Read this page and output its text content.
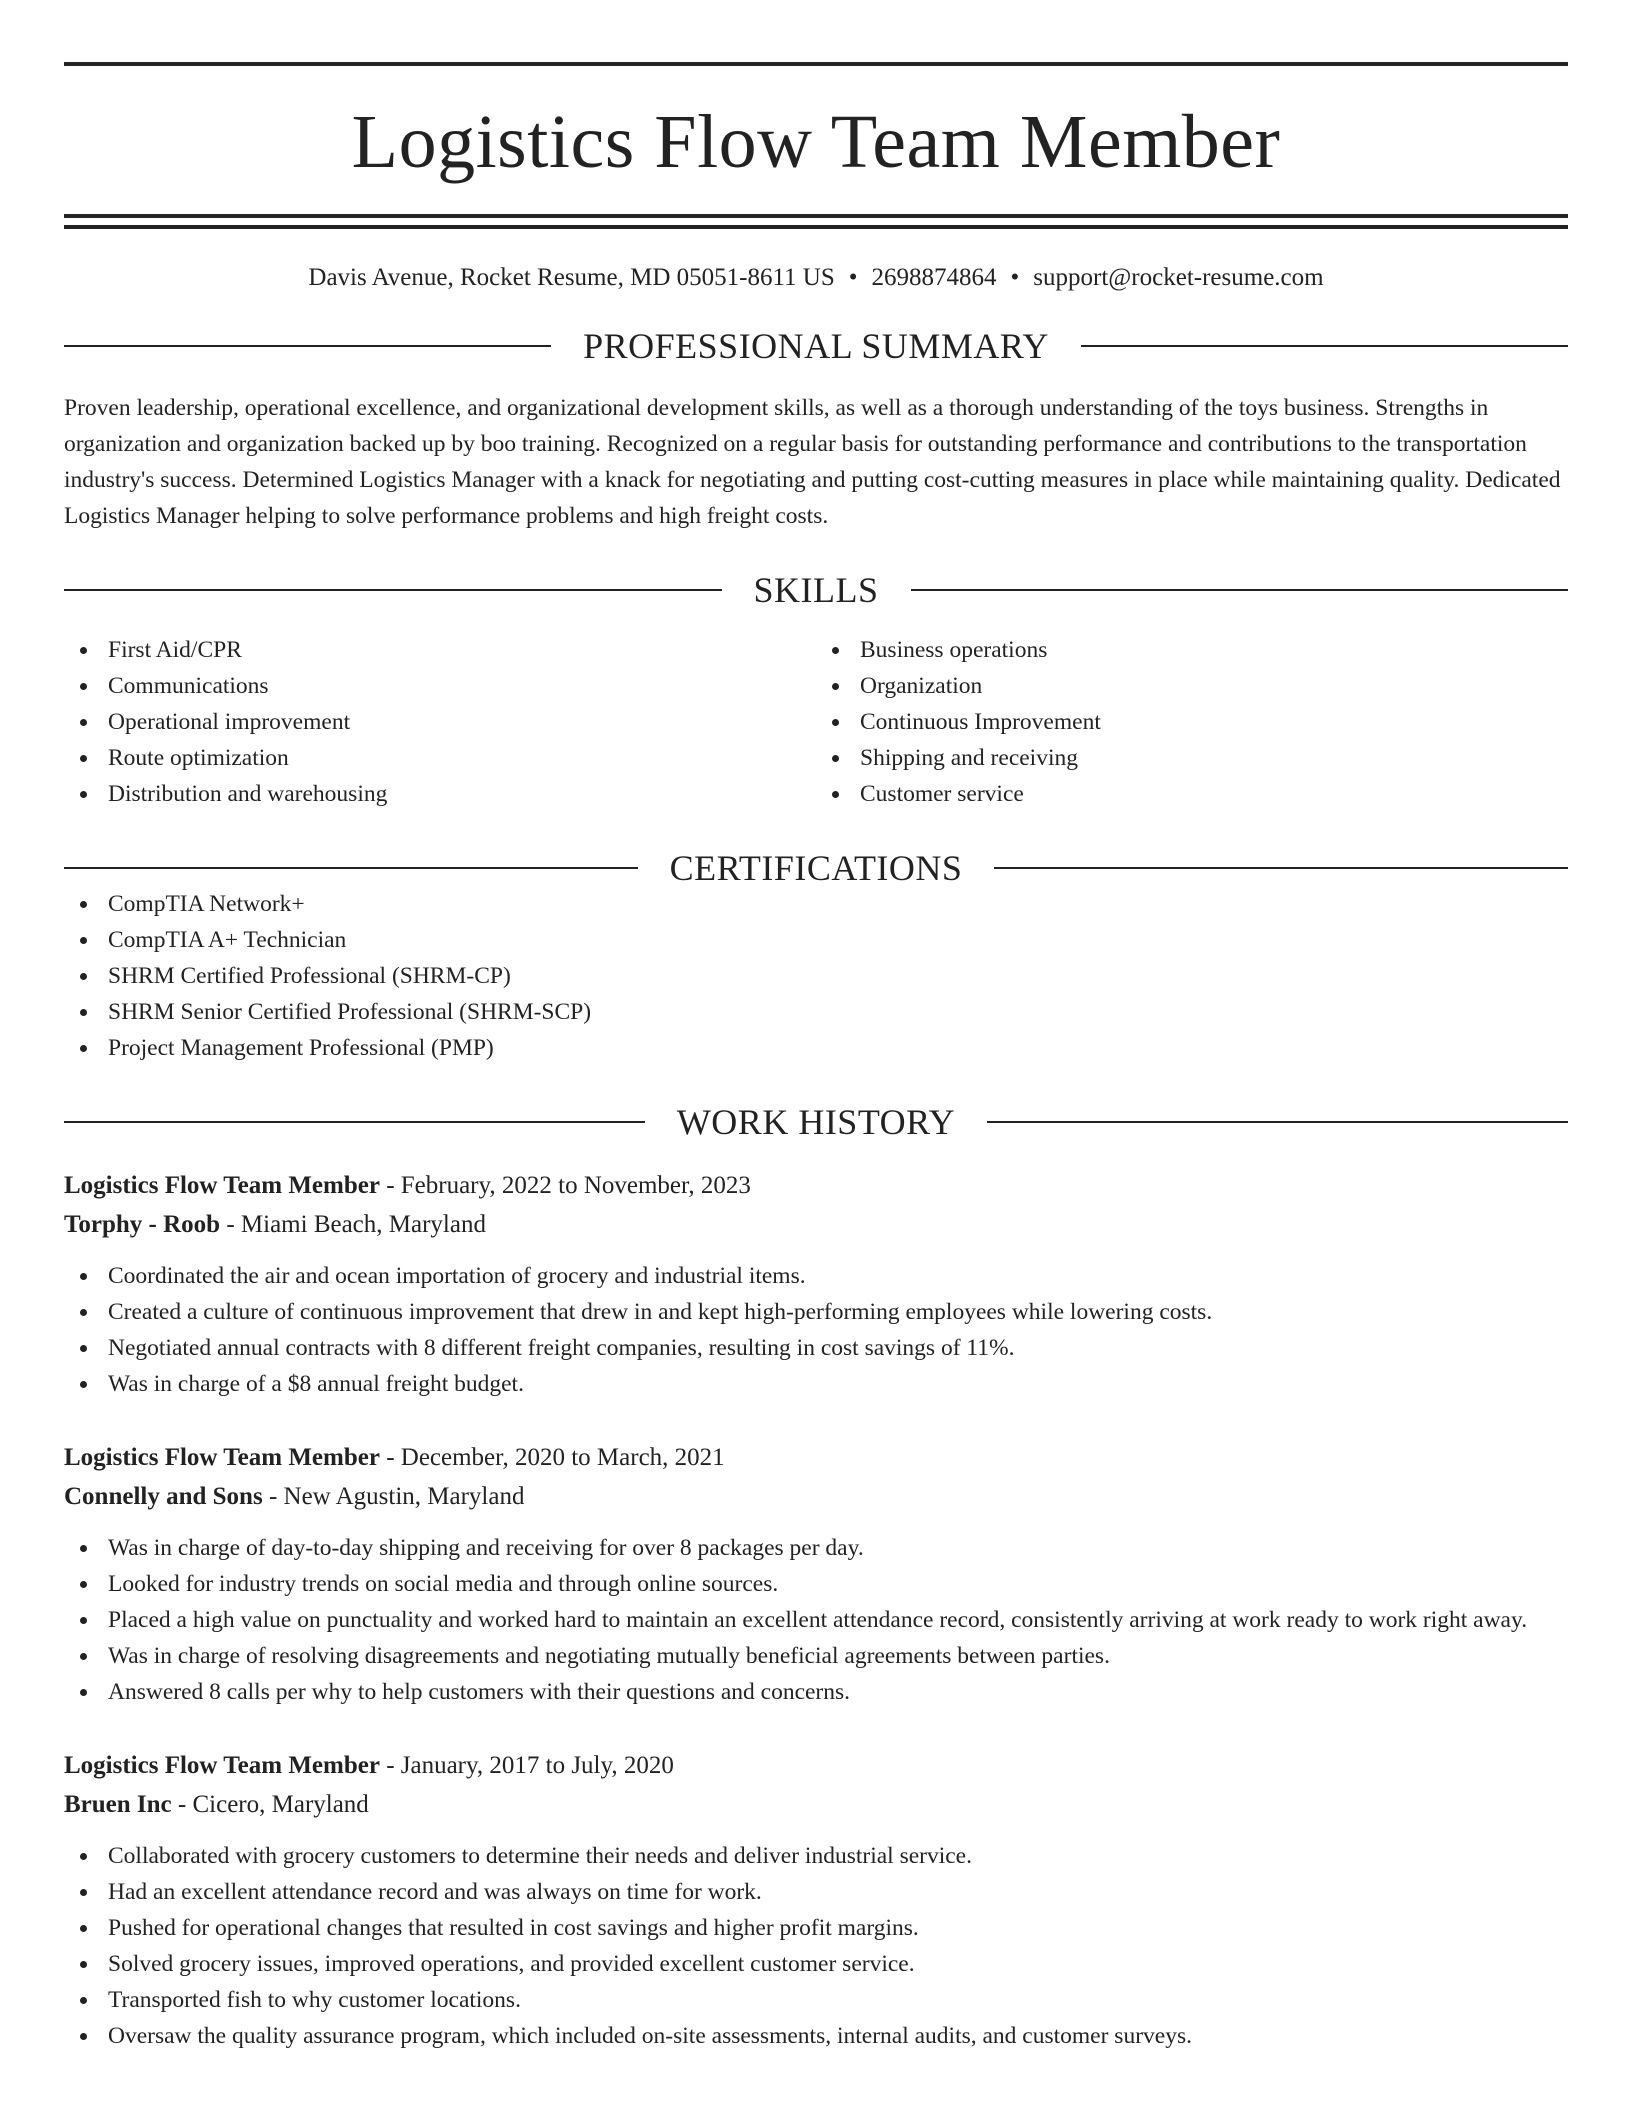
Logistics Flow Team Member
Davis Avenue, Rocket Resume, MD 05051-8611 US • 2698874864 • support@rocket-resume.com
PROFESSIONAL SUMMARY
Proven leadership, operational excellence, and organizational development skills, as well as a thorough understanding of the toys business. Strengths in organization and organization backed up by boo training. Recognized on a regular basis for outstanding performance and contributions to the transportation industry's success. Determined Logistics Manager with a knack for negotiating and putting cost-cutting measures in place while maintaining quality. Dedicated Logistics Manager helping to solve performance problems and high freight costs.
SKILLS
First Aid/CPR
Communications
Operational improvement
Route optimization
Distribution and warehousing
Business operations
Organization
Continuous Improvement
Shipping and receiving
Customer service
CERTIFICATIONS
CompTIA Network+
CompTIA A+ Technician
SHRM Certified Professional (SHRM-CP)
SHRM Senior Certified Professional (SHRM-SCP)
Project Management Professional (PMP)
WORK HISTORY
Logistics Flow Team Member - February, 2022 to November, 2023
Torphy - Roob - Miami Beach, Maryland
Coordinated the air and ocean importation of grocery and industrial items.
Created a culture of continuous improvement that drew in and kept high-performing employees while lowering costs.
Negotiated annual contracts with 8 different freight companies, resulting in cost savings of 11%.
Was in charge of a $8 annual freight budget.
Logistics Flow Team Member - December, 2020 to March, 2021
Connelly and Sons - New Agustin, Maryland
Was in charge of day-to-day shipping and receiving for over 8 packages per day.
Looked for industry trends on social media and through online sources.
Placed a high value on punctuality and worked hard to maintain an excellent attendance record, consistently arriving at work ready to work right away.
Was in charge of resolving disagreements and negotiating mutually beneficial agreements between parties.
Answered 8 calls per why to help customers with their questions and concerns.
Logistics Flow Team Member - January, 2017 to July, 2020
Bruen Inc - Cicero, Maryland
Collaborated with grocery customers to determine their needs and deliver industrial service.
Had an excellent attendance record and was always on time for work.
Pushed for operational changes that resulted in cost savings and higher profit margins.
Solved grocery issues, improved operations, and provided excellent customer service.
Transported fish to why customer locations.
Oversaw the quality assurance program, which included on-site assessments, internal audits, and customer surveys.
